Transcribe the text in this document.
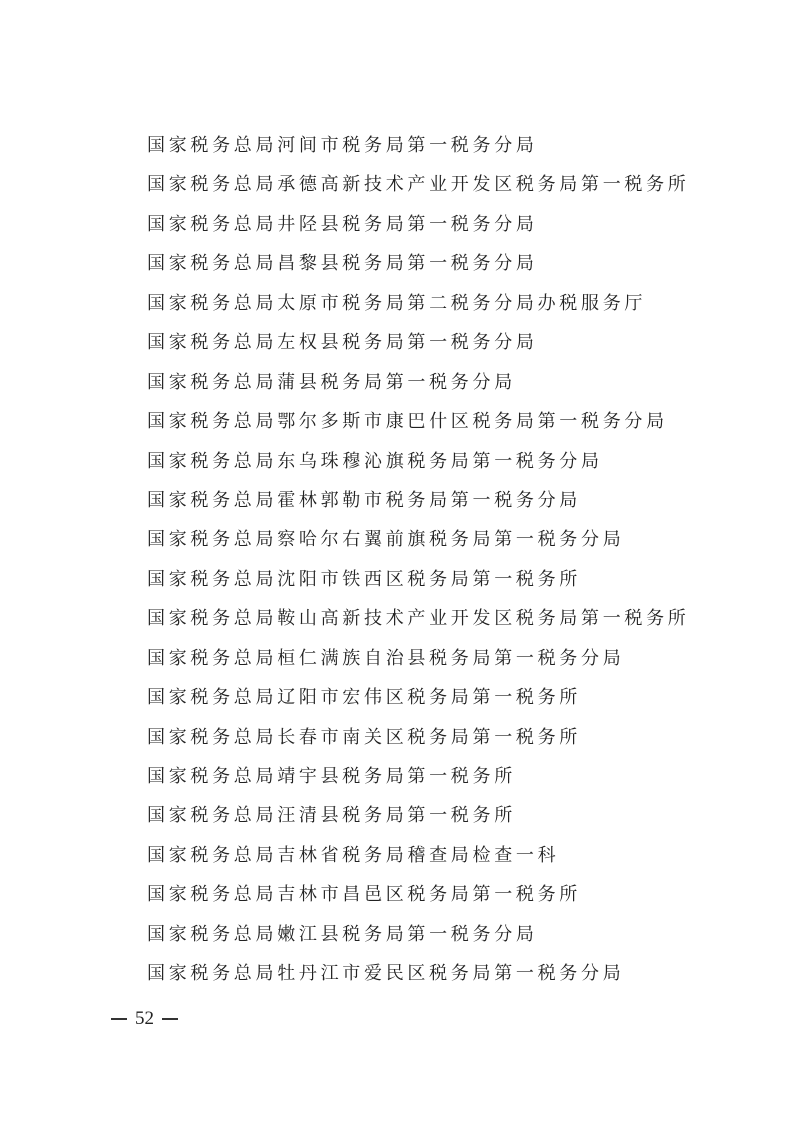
国家税务总局河间市税务局第一税务分局
国家税务总局承德高新技术产业开发区税务局第一税务所
国家税务总局井陉县税务局第一税务分局
国家税务总局昌黎县税务局第一税务分局
国家税务总局太原市税务局第二税务分局办税服务厅
国家税务总局左权县税务局第一税务分局
国家税务总局蒲县税务局第一税务分局
国家税务总局鄂尔多斯市康巴什区税务局第一税务分局
国家税务总局东乌珠穆沁旗税务局第一税务分局
国家税务总局霍林郭勒市税务局第一税务分局
国家税务总局察哈尔右翼前旗税务局第一税务分局
国家税务总局沈阳市铁西区税务局第一税务所
国家税务总局鞍山高新技术产业开发区税务局第一税务所
国家税务总局桓仁满族自治县税务局第一税务分局
国家税务总局辽阳市宏伟区税务局第一税务所
国家税务总局长春市南关区税务局第一税务所
国家税务总局靖宇县税务局第一税务所
国家税务总局汪清县税务局第一税务所
国家税务总局吉林省税务局稽查局检查一科
国家税务总局吉林市昌邑区税务局第一税务所
国家税务总局嫩江县税务局第一税务分局
国家税务总局牡丹江市爱民区税务局第一税务分局
52
